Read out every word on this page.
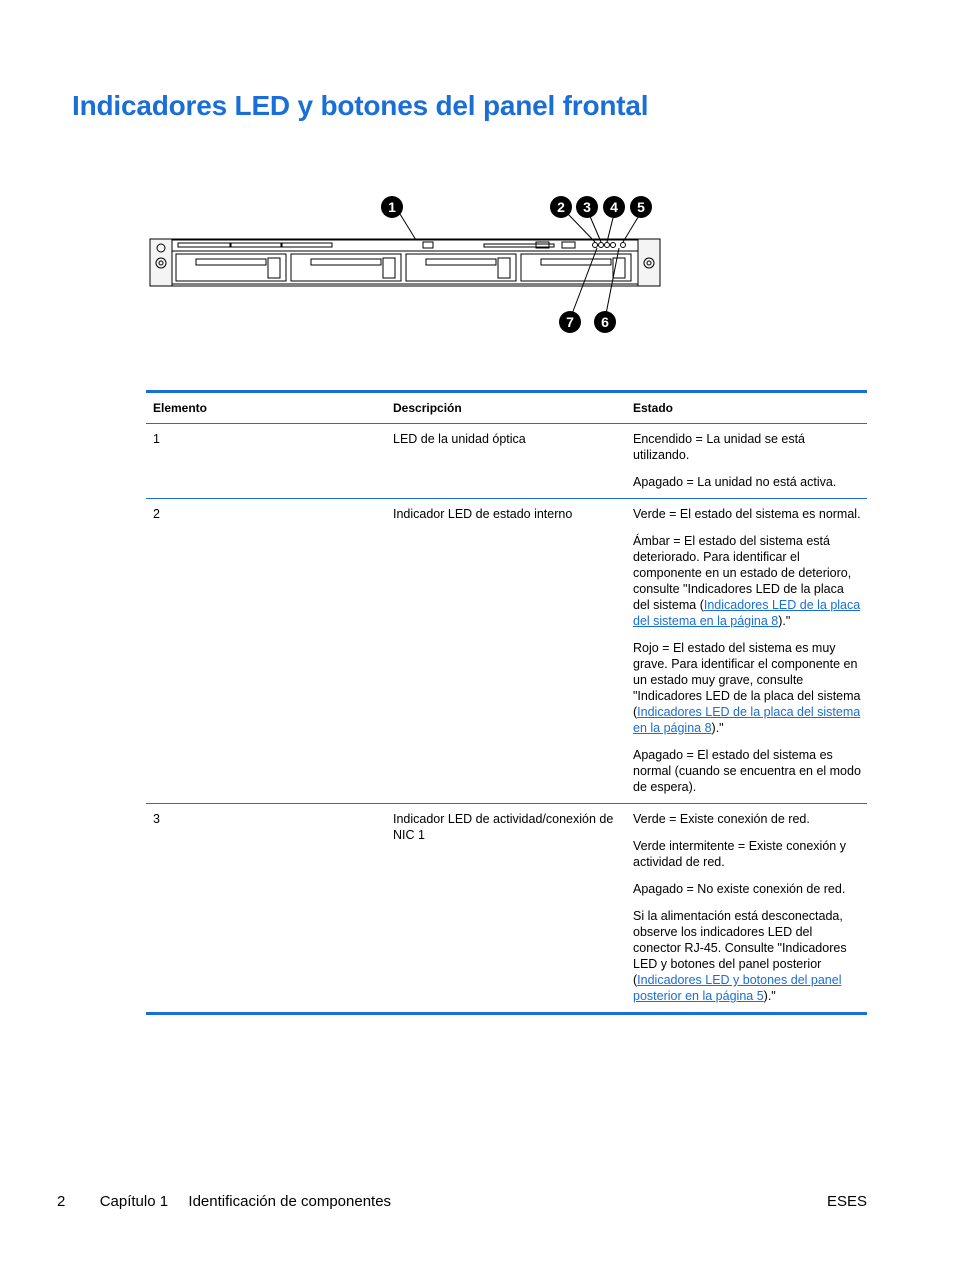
Indicadores LED y botones del panel frontal
1	2 3 4 5
7 6
Elemento	Descripción	Estado
1	LED de la unidad óptica	Encendido = La unidad se está utilizando.

Apagado = La unidad no está activa.

2	Indicador LED de estado interno	Verde = El estado del sistema es normal.

Ámbar = El estado del sistema está deteriorado. Para identificar el componente en un estado de deterioro, consulte "Indicadores LED de la placa del sistema (Indicadores LED de la placa del sistema en la página 8)."

Rojo = El estado del sistema es muy grave. Para identificar el componente en un estado muy grave, consulte "Indicadores LED de la placa del sistema (Indicadores LED de la placa del sistema en la página 8)."

Apagado = El estado del sistema es normal (cuando se encuentra en el modo de espera).

3	Indicador LED de actividad/conexión de NIC 1

Verde = Existe conexión de red.

Verde intermitente = Existe conexión y actividad de red.

Apagado = No existe conexión de red.

Si la alimentación está desconectada, observe los indicadores LED del conector RJ-45. Consulte "Indicadores LED y botones del panel posterior (Indicadores LED y botones del panel posterior en la página 5)."

2 Capítulo 1 Identificación de componentes	ESES
